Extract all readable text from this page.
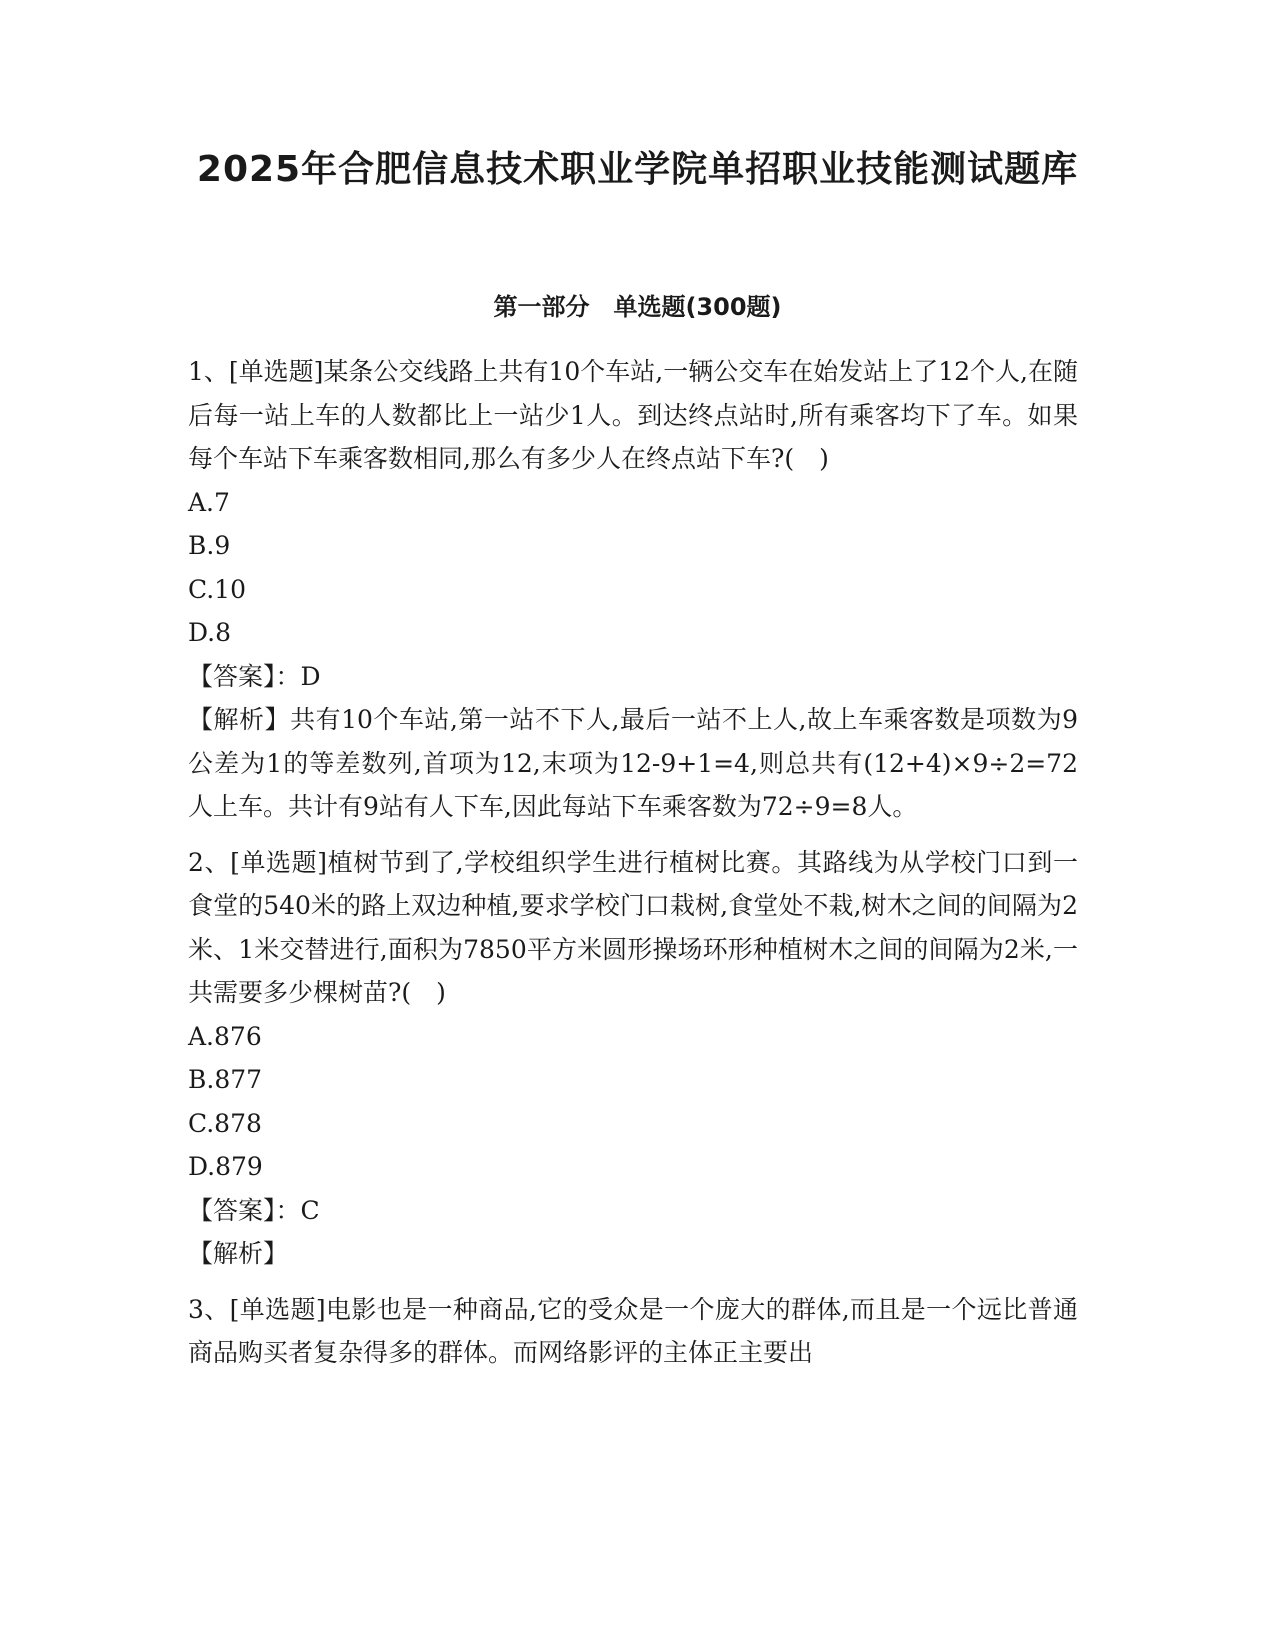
2025年合肥信息技术职业学院单招职业技能测试题库
第一部分　单选题(300题)
1、[单选题]某条公交线路上共有10个车站,一辆公交车在始发站上了12个人,在随后每一站上车的人数都比上一站少1人。到达终点站时,所有乘客均下了车。如果每个车站下车乘客数相同,那么有多少人在终点站下车?(　)
A.7
B.9
C.10
D.8
【答案】：D
【解析】共有10个车站,第一站不下人,最后一站不上人,故上车乘客数是项数为9公差为1的等差数列,首项为12,末项为12-9+1=4,则总共有(12+4)×9÷2=72人上车。共计有9站有人下车,因此每站下车乘客数为72÷9=8人。
2、[单选题]植树节到了,学校组织学生进行植树比赛。其路线为从学校门口到一食堂的540米的路上双边种植,要求学校门口栽树,食堂处不栽,树木之间的间隔为2米、1米交替进行,面积为7850平方米圆形操场环形种植树木之间的间隔为2米,一共需要多少棵树苗?(　)
A.876
B.877
C.878
D.879
【答案】：C
【解析】
3、[单选题]电影也是一种商品,它的受众是一个庞大的群体,而且是一个远比普通商品购买者复杂得多的群体。而网络影评的主体正主要出
